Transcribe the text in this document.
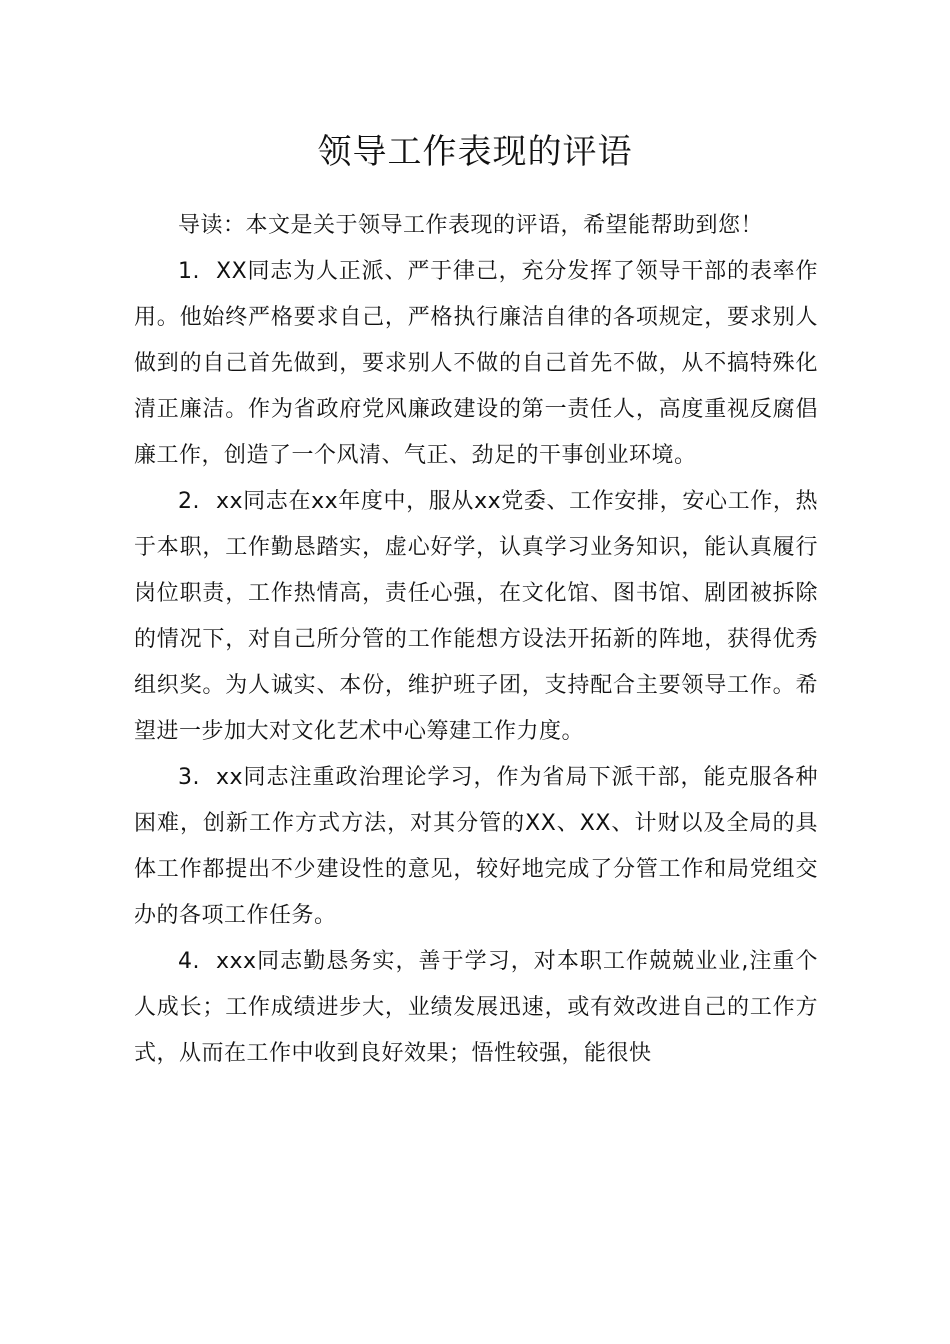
领导工作表现的评语

导读：本文是关于领导工作表现的评语，希望能帮助到您！

1. XX同志为人正派、严于律己，充分发挥了领导干部的表率作用。他始终严格要求自己，严格执行廉洁自律的各项规定，要求别人做到的自己首先做到，要求别人不做的自己首先不做，从不搞特殊化清正廉洁。作为省政府党风廉政建设的第一责任人，高度重视反腐倡廉工作，创造了一个风清、气正、劲足的干事创业环境。

2. xx同志在xx年度中，服从xx党委、工作安排，安心工作，热于本职，工作勤恳踏实，虚心好学，认真学习业务知识，能认真履行岗位职责，工作热情高，责任心强，在文化馆、图书馆、剧团被拆除的情况下，对自己所分管的工作能想方设法开拓新的阵地，获得优秀组织奖。为人诚实、本份，维护班子团，支持配合主要领导工作。希望进一步加大对文化艺术中心筹建工作力度。

3. xx同志注重政治理论学习，作为省局下派干部，能克服各种困难，创新工作方式方法，对其分管的XX、XX、计财以及全局的具体工作都提出不少建设性的意见，较好地完成了分管工作和局党组交办的各项工作任务。

4. xxx同志勤恳务实，善于学习，对本职工作兢兢业业,注重个人成长；工作成绩进步大，业绩发展迅速，或有效改进自己的工作方式，从而在工作中收到良好效果；悟性较强，能很快
